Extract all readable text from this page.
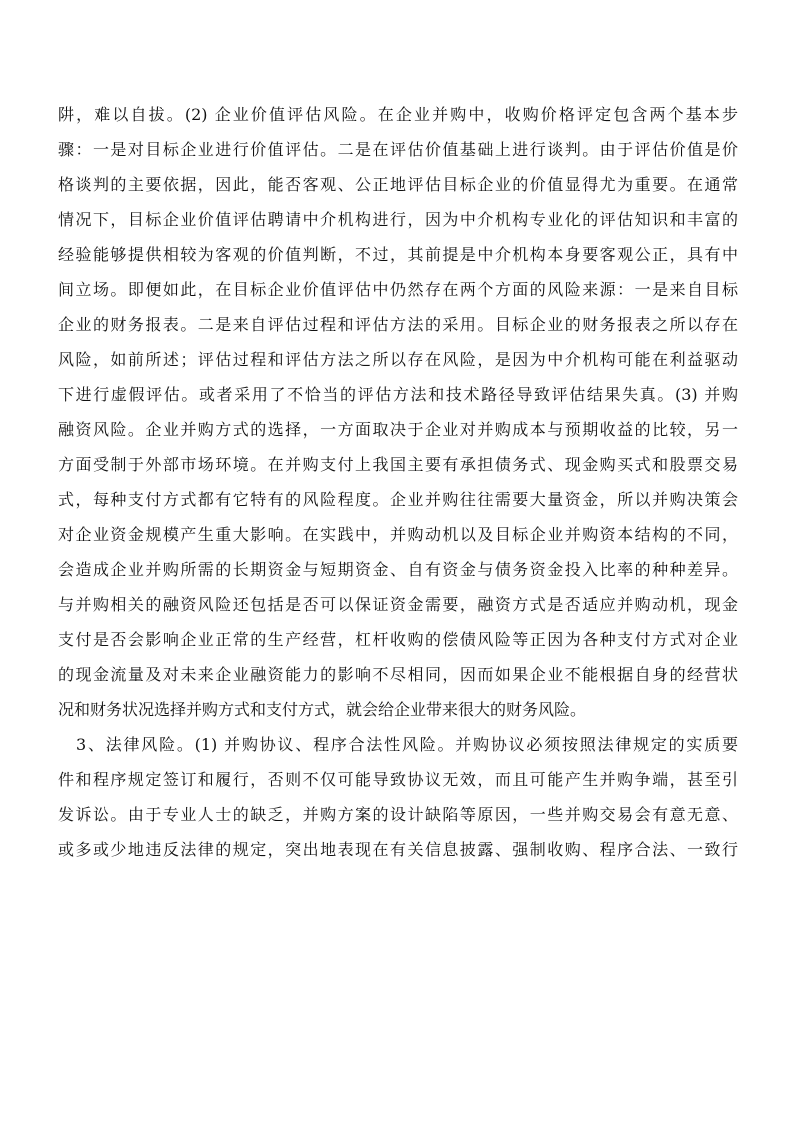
阱，难以自拔。(2) 企业价值评估风险。在企业并购中，收购价格评定包含两个基本步
骤：一是对目标企业进行价值评估。二是在评估价值基础上进行谈判。由于评估价值是价
格谈判的主要依据，因此，能否客观、公正地评估目标企业的价值显得尤为重要。在通常
情况下，目标企业价值评估聘请中介机构进行，因为中介机构专业化的评估知识和丰富的
经验能够提供相较为客观的价值判断，不过，其前提是中介机构本身要客观公正，具有中
间立场。即便如此，在目标企业价值评估中仍然存在两个方面的风险来源：一是来自目标
企业的财务报表。二是来自评估过程和评估方法的采用。目标企业的财务报表之所以存在
风险，如前所述；评估过程和评估方法之所以存在风险，是因为中介机构可能在利益驱动
下进行虚假评估。或者采用了不恰当的评估方法和技术路径导致评估结果失真。(3) 并购
融资风险。企业并购方式的选择，一方面取决于企业对并购成本与预期收益的比较，另一
方面受制于外部市场环境。在并购支付上我国主要有承担债务式、现金购买式和股票交易
式，每种支付方式都有它特有的风险程度。企业并购往往需要大量资金，所以并购决策会
对企业资金规模产生重大影响。在实践中，并购动机以及目标企业并购资本结构的不同，
会造成企业并购所需的长期资金与短期资金、自有资金与债务资金投入比率的种种差异。
与并购相关的融资风险还包括是否可以保证资金需要，融资方式是否适应并购动机，现金
支付是否会影响企业正常的生产经营，杠杆收购的偿债风险等正因为各种支付方式对企业
的现金流量及对未来企业融资能力的影响不尽相同，因而如果企业不能根据自身的经营状
况和财务状况选择并购方式和支付方式，就会给企业带来很大的财务风险。
3、法律风险。(1) 并购协议、程序合法性风险。并购协议必须按照法律规定的实质要
件和程序规定签订和履行，否则不仅可能导致协议无效，而且可能产生并购争端，甚至引
发诉讼。由于专业人士的缺乏，并购方案的设计缺陷等原因，一些并购交易会有意无意、
或多或少地违反法律的规定，突出地表现在有关信息披露、强制收购、程序合法、一致行
